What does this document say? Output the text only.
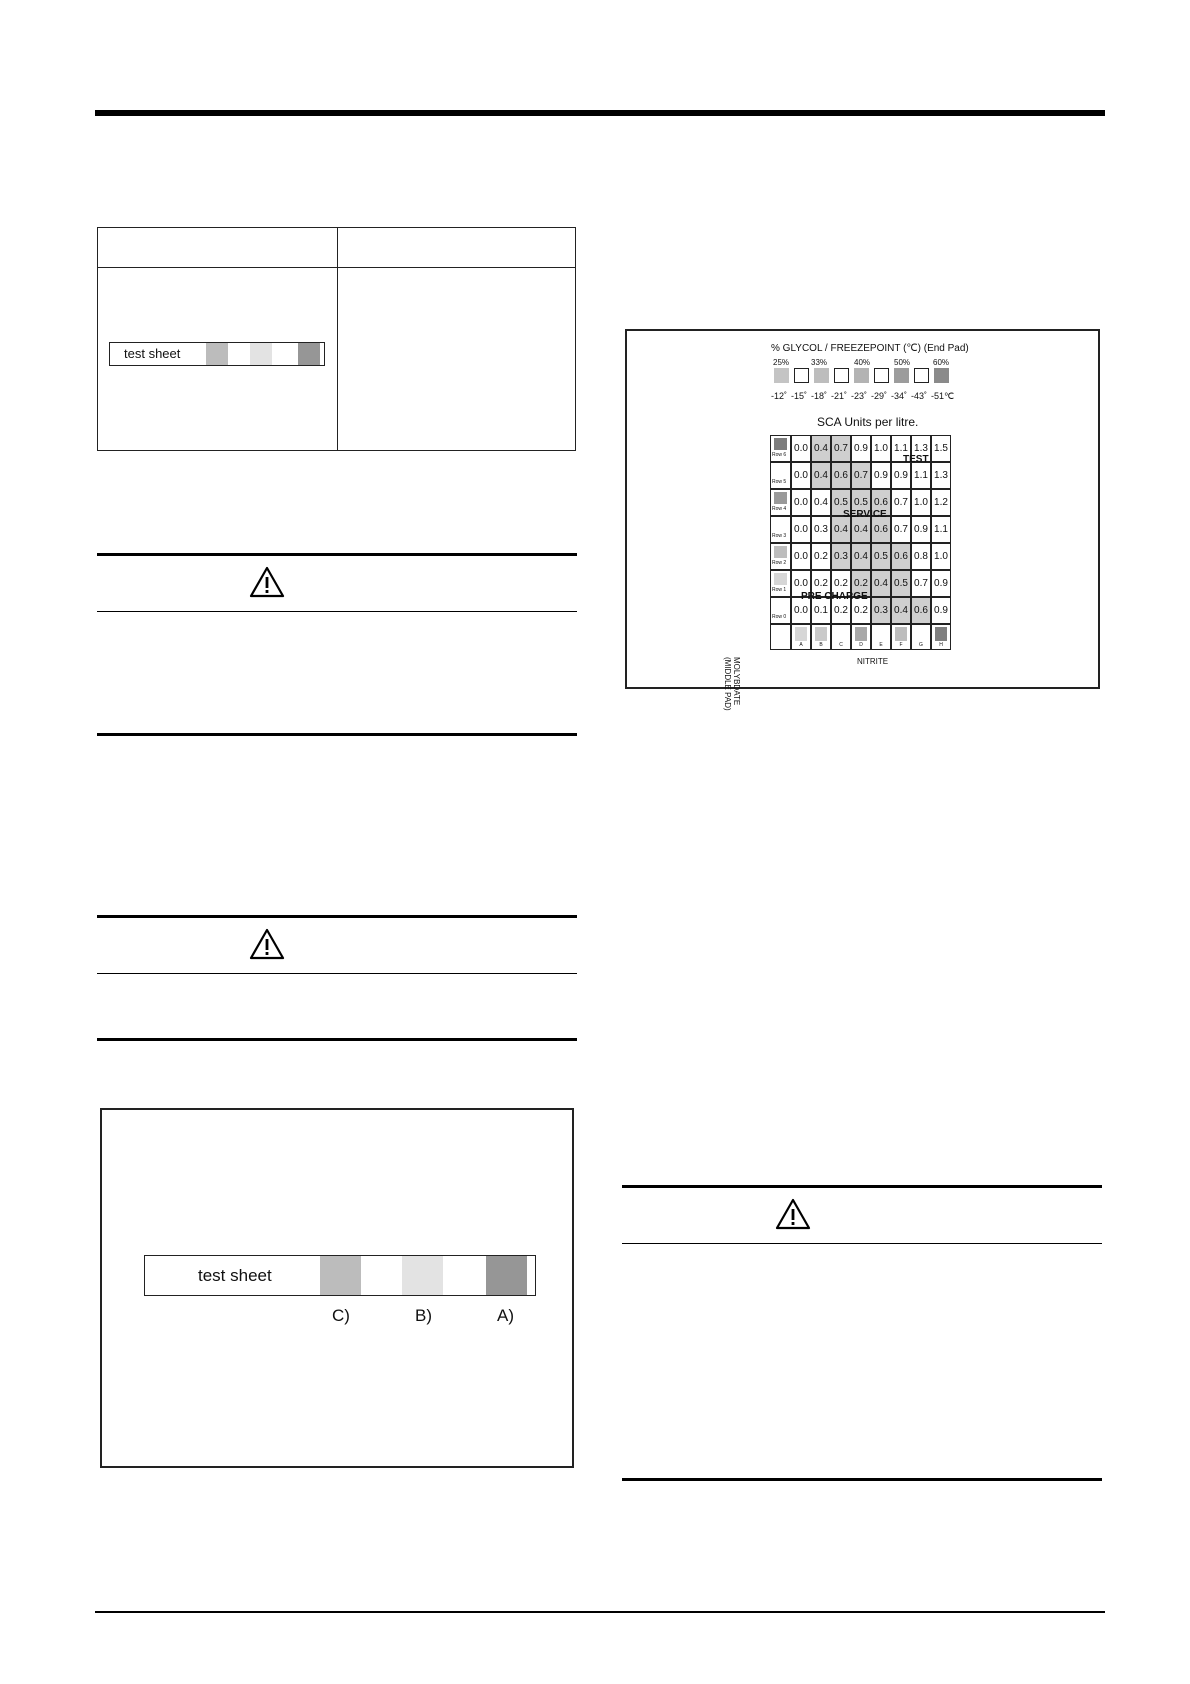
test sheet
test sheet
C)	B)	A)
% GLYCOL / FREEZEPOINT (℃) (End Pad)
25%	33%	40%	50%	60%
-12˚ -15˚ -18˚ -21˚ -23˚ -29˚ -34˚ -43˚ -51℃
SCA Units per litre.
Row 6
0.0 0.4 0.7 0.9 1.0 1.1 1.3 1.5
Row 5
0.0 0.4 0.6 0.7 0.9 0.9 1.1 1.3
Row 4
0.0 0.4 0.5 0.5 0.6 0.7 1.0 1.2
Row 3
0.0 0.3 0.4 0.4 0.6 0.7 0.9 1.1
Row 2
0.0 0.2 0.3 0.4 0.5 0.6 0.8 1.0
Row 1
0.0 0.2 0.2 0.2 0.4 0.5 0.7 0.9
Row 0
0.0 0.1 0.2 0.2 0.3 0.4 0.6 0.9
A	B	C	D	E	F	G	H
TEST
SERVICE
PRE CHARGE
MOLYBDATE
(MIDDLE PAD)
NITRITE
